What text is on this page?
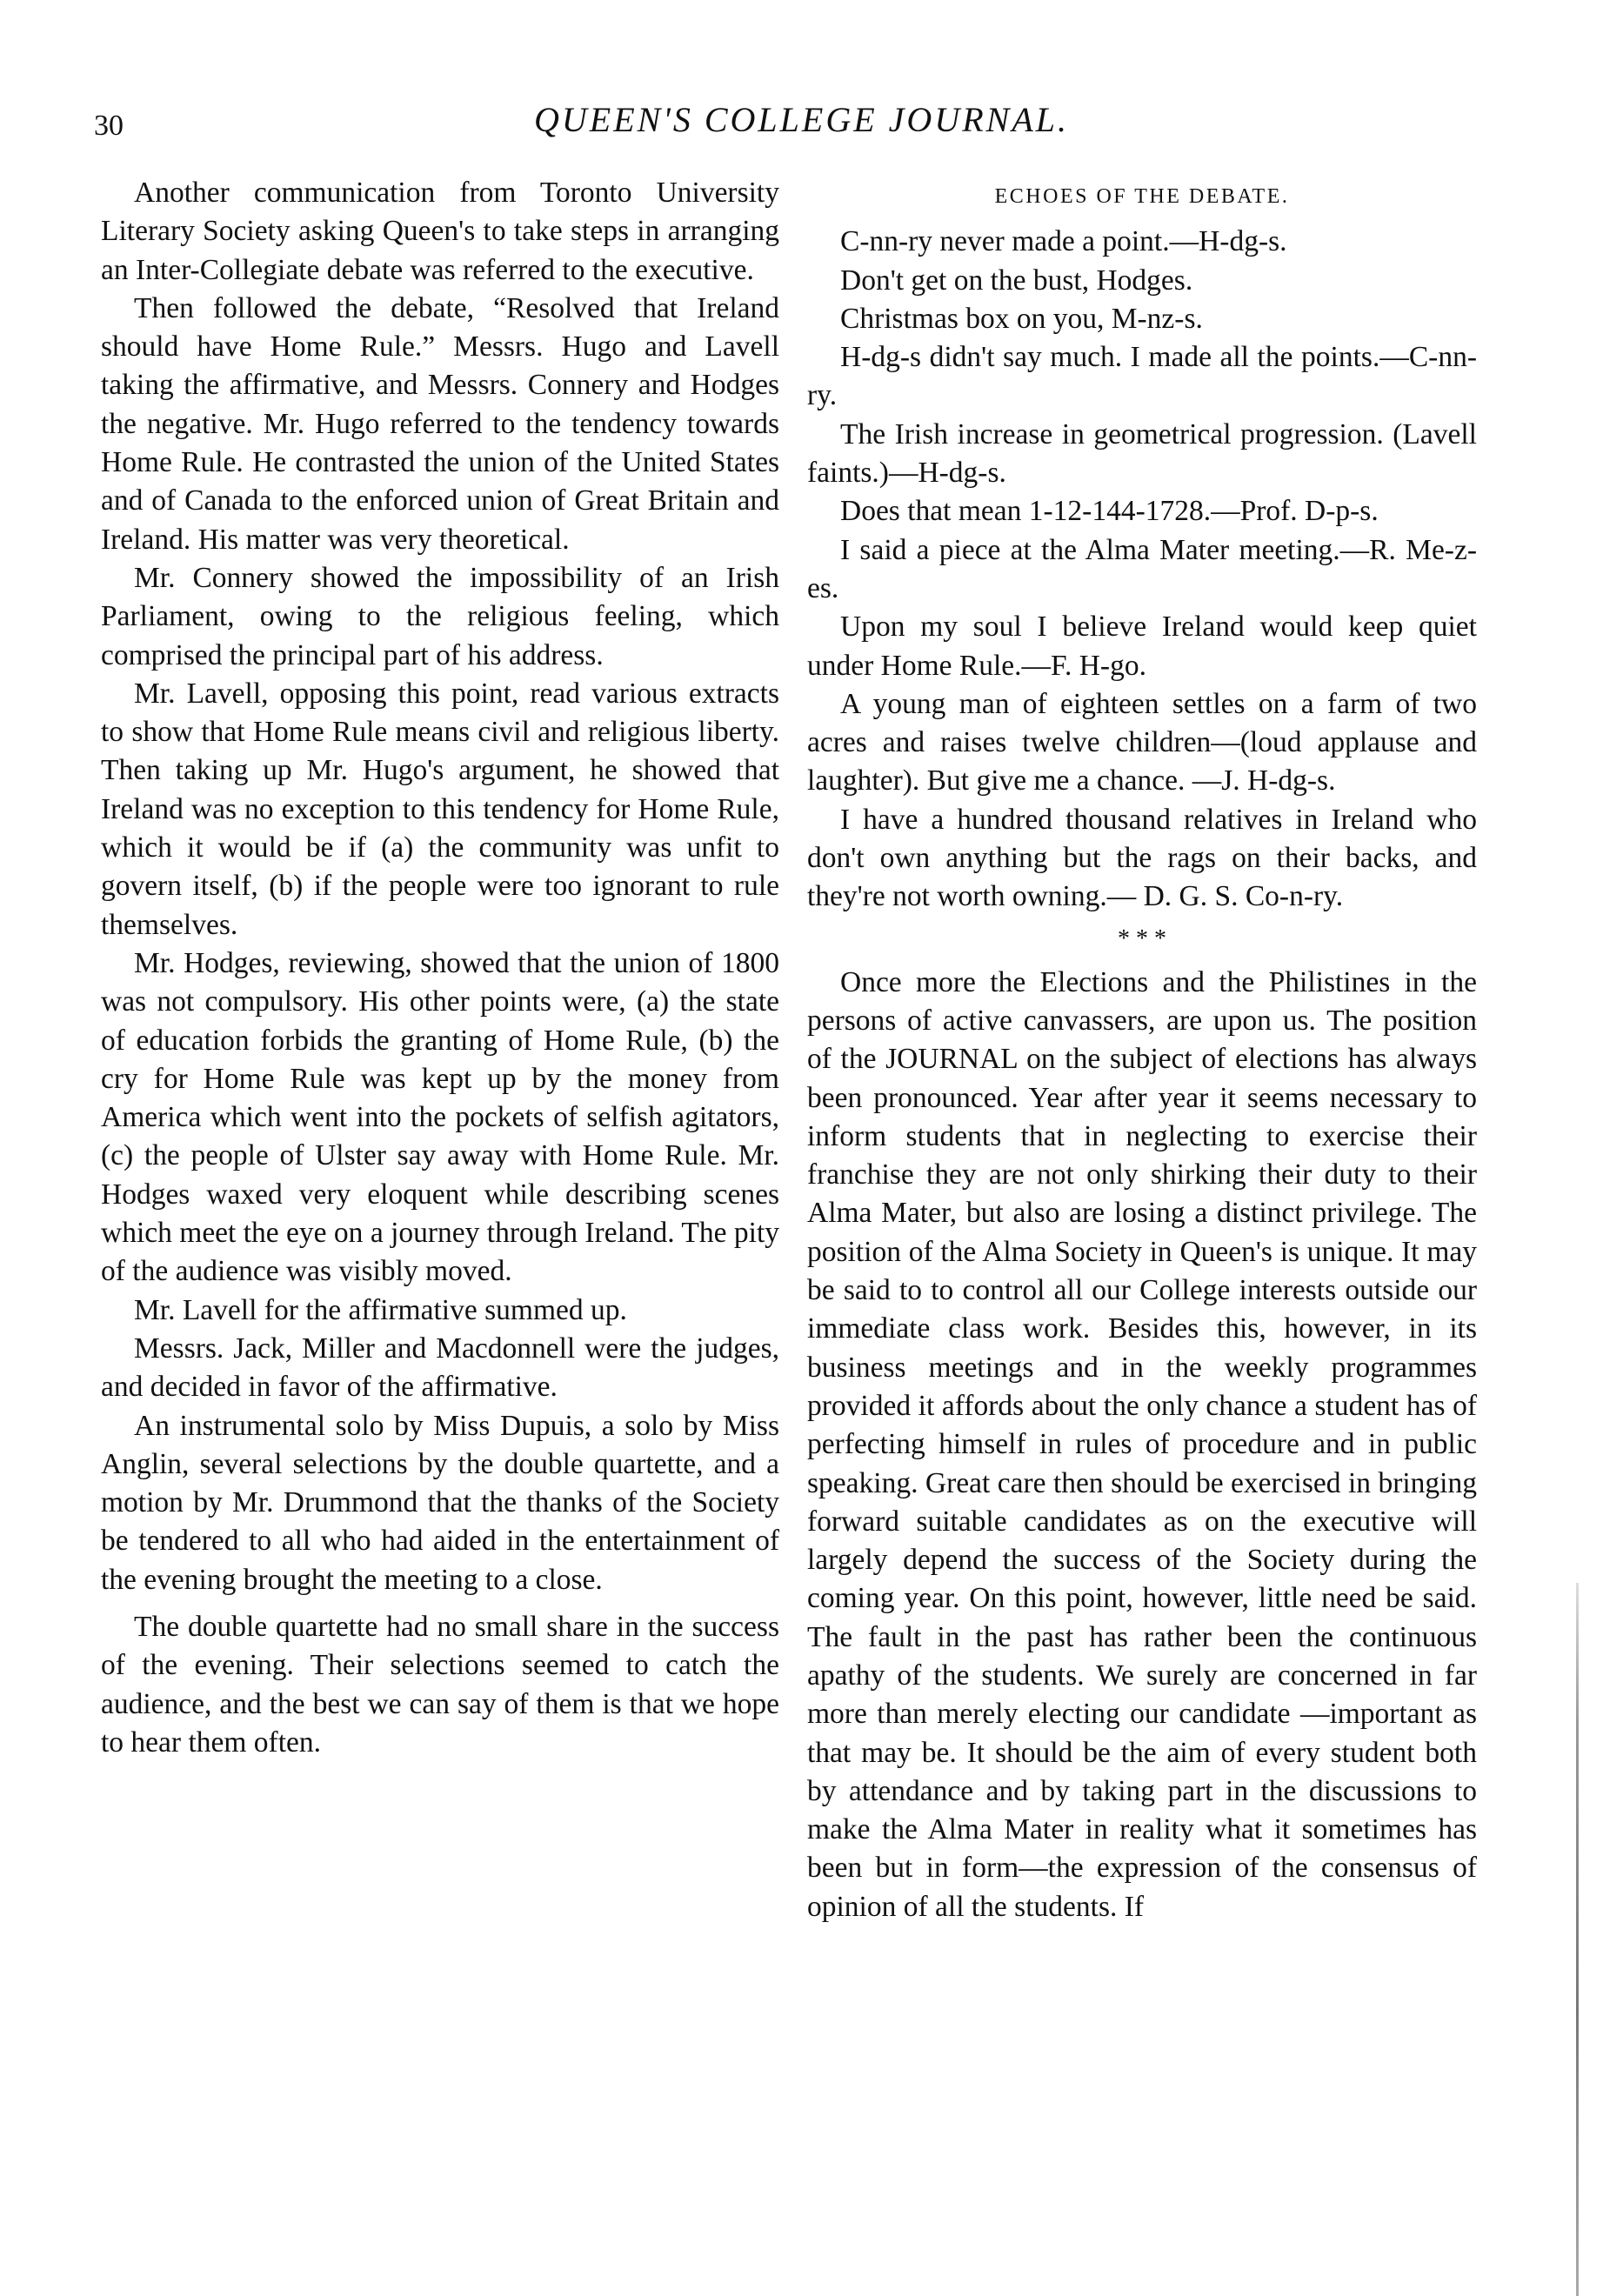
30	QUEEN'S COLLEGE JOURNAL.

Another communication from Toronto University Literary Society asking Queen's to take steps in arranging an Inter-Collegiate debate was referred to the executive.

Then followed the debate, “Resolved that Ireland should have Home Rule.” Messrs. Hugo and Lavell taking the affirmative, and Messrs. Connery and Hodges the negative. Mr. Hugo referred to the tendency towards Home Rule. He contrasted the union of the United States and of Canada to the enforced union of Great Britain and Ireland. His matter was very theoretical.

Mr. Connery showed the impossibility of an Irish Parliament, owing to the religious feeling, which comprised the principal part of his address.

Mr. Lavell, opposing this point, read various extracts to show that Home Rule means civil and religious liberty. Then taking up Mr. Hugo's argument, he showed that Ireland was no exception to this tendency for Home Rule, which it would be if (a) the community was unfit to govern itself, (b) if the people were too ignorant to rule themselves.

Mr. Hodges, reviewing, showed that the union of 1800 was not compulsory. His other points were, (a) the state of education forbids the granting of Home Rule, (b) the cry for Home Rule was kept up by the money from America which went into the pockets of selfish agitators, (c) the people of Ulster say away with Home Rule. Mr. Hodges waxed very eloquent while describing scenes which meet the eye on a journey through Ireland. The pity of the audience was visibly moved.

Mr. Lavell for the affirmative summed up.

Messrs. Jack, Miller and Macdonnell were the judges, and decided in favor of the affirmative.

An instrumental solo by Miss Dupuis, a solo by Miss Anglin, several selections by the double quartette, and a motion by Mr. Drummond that the thanks of the Society be tendered to all who had aided in the entertainment of the evening brought the meeting to a close.

The double quartette had no small share in the success of the evening. Their selections seemed to catch the audience, and the best we can say of them is that we hope to hear them often.

ECHOES OF THE DEBATE.

C-nn-ry never made a point.—H-dg-s.

Don't get on the bust, Hodges.

Christmas box on you, M-nz-s.

H-dg-s didn't say much. I made all the points.—C-nn-ry.

The Irish increase in geometrical progression. (Lavell faints.)—H-dg-s.

Does that mean 1-12-144-1728.—Prof. D-p-s.

I said a piece at the Alma Mater meeting.—R. Me-z-es.

Upon my soul I believe Ireland would keep quiet under Home Rule.—F. H-go.

A young man of eighteen settles on a farm of two acres and raises twelve children—(loud applause and laughter). But give me a chance. —J. H-dg-s.

I have a hundred thousand relatives in Ireland who don't own anything but the rags on their backs, and they're not worth owning.— D. G. S. Co-n-ry.

* * *

Once more the Elections and the Philistines in the persons of active canvassers, are upon us. The position of the JOURNAL on the subject of elections has always been pronounced. Year after year it seems necessary to inform students that in neglecting to exercise their franchise they are not only shirking their duty to their Alma Mater, but also are losing a distinct privilege. The position of the Alma Society in Queen's is unique. It may be said to to control all our College interests outside our immediate class work. Besides this, however, in its business meetings and in the weekly programmes provided it affords about the only chance a student has of perfecting himself in rules of procedure and in public speaking. Great care then should be exercised in bringing forward suitable candidates as on the executive will largely depend the success of the Society during the coming year. On this point, however, little need be said. The fault in the past has rather been the continuous apathy of the students. We surely are concerned in far more than merely electing our candidate —important as that may be. It should be the aim of every student both by attendance and by taking part in the discussions to make the Alma Mater in reality what it sometimes has been but in form—the expression of the consensus of opinion of all the students. If
